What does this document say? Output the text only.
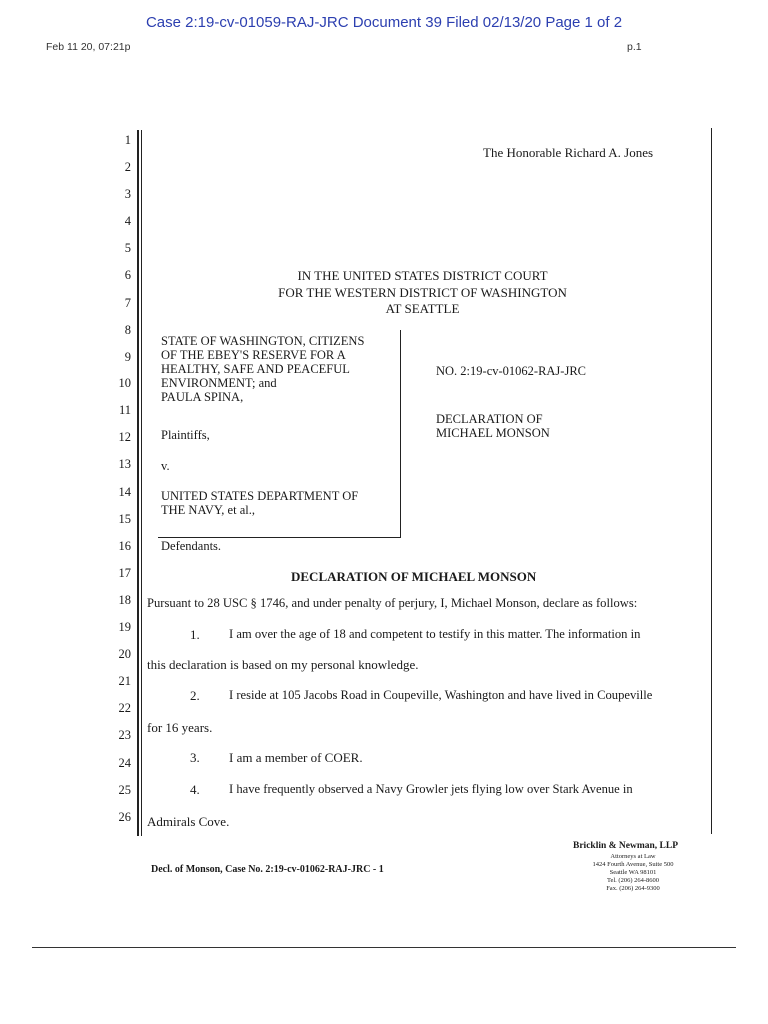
Case 2:19-cv-01059-RAJ-JRC Document 39 Filed 02/13/20 Page 1 of 2
Feb 11 20, 07:21p	p.1
1
2
3
4
5
6
7
8
9
10
11
12
13
14
15
16
17
18
19
20
21
22
23
24
25
26
The Honorable Richard A. Jones
IN THE UNITED STATES DISTRICT COURT
FOR THE WESTERN DISTRICT OF WASHINGTON
AT SEATTLE
STATE OF WASHINGTON, CITIZENS
OF THE EBEY'S RESERVE FOR A
HEALTHY, SAFE AND PEACEFUL
ENVIRONMENT; and
PAULA SPINA,
Plaintiffs,
v.
UNITED STATES DEPARTMENT OF
THE NAVY, et al.,
Defendants.
NO. 2:19-cv-01062-RAJ-JRC
DECLARATION OF
MICHAEL MONSON
DECLARATION OF MICHAEL MONSON
Pursuant to 28 USC § 1746, and under penalty of perjury, I, Michael Monson, declare as follows:
1. I am over the age of 18 and competent to testify in this matter. The information in
this declaration is based on my personal knowledge.
2. I reside at 105 Jacobs Road in Coupeville, Washington and have lived in Coupeville
for 16 years.
3. I am a member of COER.
4. I have frequently observed a Navy Growler jets flying low over Stark Avenue in
Admirals Cove.
Decl. of Monson, Case No. 2:19-cv-01062-RAJ-JRC - 1
Bricklin & Newman, LLP
Attorneys at Law
1424 Fourth Avenue, Suite 500
Seattle WA 98101
Tel. (206) 264-8600
Fax. (206) 264-9300
